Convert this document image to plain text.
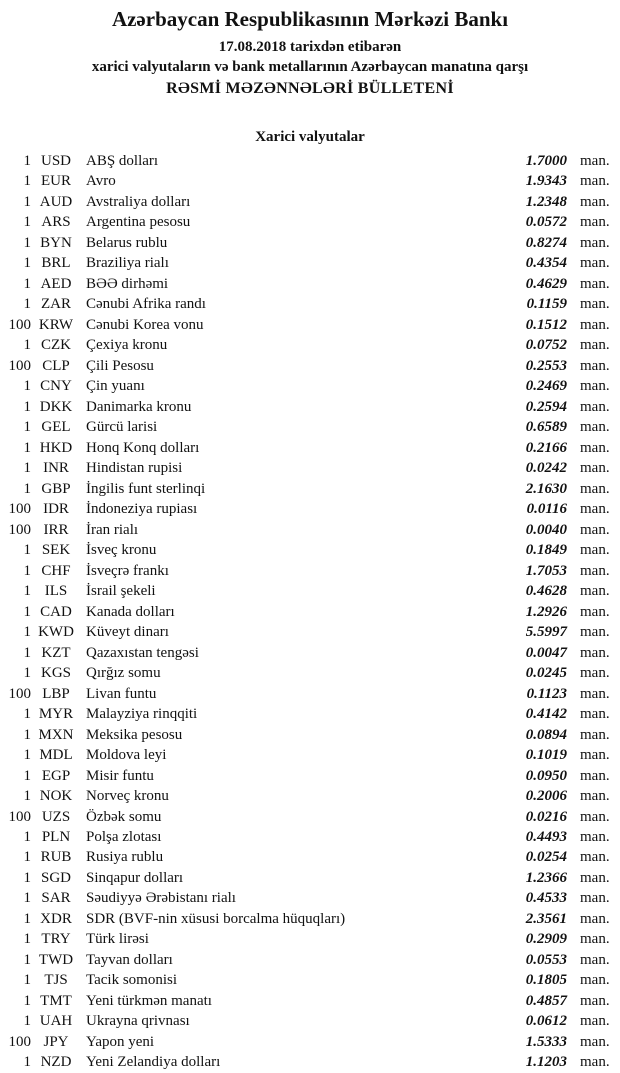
Azərbaycan Respublikasının Mərkəzi Bankı
17.08.2018 tarixdən etibarən
xarici valyutaların və bank metallarının Azərbaycan manatına qarşı
RƏSMİ MƏZƏNNƏLƏRİ BÜLLETENİ
Xarici valyutalar
1 USD	ABŞ dolları	1.7000 man.
1 EUR	Avro	1.9343 man.
1 AUD Avstraliya dolları	1.2348 man.
1 ARS	Argentina pesosu	0.0572 man.
1 BYN Belarus rublu	0.8274 man.
1 BRL	Braziliya rialı	0.4354 man.
1 AED BƏƏ dirhəmi	0.4629 man.
1 ZAR	Cənubi Afrika randı	0.1159 man.
100 KRW Cənubi Korea vonu	0.1512 man.
1 CZK	Çexiya kronu	0.0752 man.
100 CLP	Çili Pesosu	0.2553 man.
1 CNY Çin yuanı	0.2469 man.
1 DKK Danimarka kronu	0.2594 man.
1 GEL	Gürcü larisi	0.6589 man.
1 HKD Honq Konq dolları	0.2166 man.
1 INR	Hindistan rupisi	0.0242 man.
1 GBP	İngilis funt sterlinqi	2.1630 man.
100 IDR	İndoneziya rupiası	0.0116 man.
100 IRR	İran rialı	0.0040 man.
1 SEK	İsveç kronu	0.1849 man.
1 CHF	İsveçrə frankı	1.7053 man.
1 ILS	İsrail şekeli	0.4628 man.
1 CAD Kanada dolları	1.2926 man.
1 KWD Küveyt dinarı	5.5997 man.
1 KZT	Qazaxıstan tengəsi	0.0047 man.
1 KGS	Qırğız somu	0.0245 man.
100 LBP	Livan funtu	0.1123 man.
1 MYR Malayziya rinqqiti	0.4142 man.
1 MXN Meksika pesosu	0.0894 man.
1 MDL Moldova leyi	0.1019 man.
1 EGP	Misir funtu	0.0950 man.
1 NOK Norveç kronu	0.2006 man.
100 UZS	Özbək somu	0.0216 man.
1 PLN	Polşa zlotası	0.4493 man.
1 RUB Rusiya rublu	0.0254 man.
1 SGD	Sinqapur dolları	1.2366 man.
1 SAR	Səudiyyə Ərəbistanı rialı	0.4533 man.
1 XDR SDR (BVF-nin xüsusi borcalma hüquqları)	2.3561 man.
1 TRY	Türk lirəsi	0.2909 man.
1 TWD Tayvan dolları	0.0553 man.
1 TJS	Tacik somonisi	0.1805 man.
1 TMT Yeni türkmən manatı	0.4857 man.
1 UAH Ukrayna qrivnası	0.0612 man.
100 JPY	Yapon yeni	1.5333 man.
1 NZD Yeni Zelandiya dolları	1.1203 man.
